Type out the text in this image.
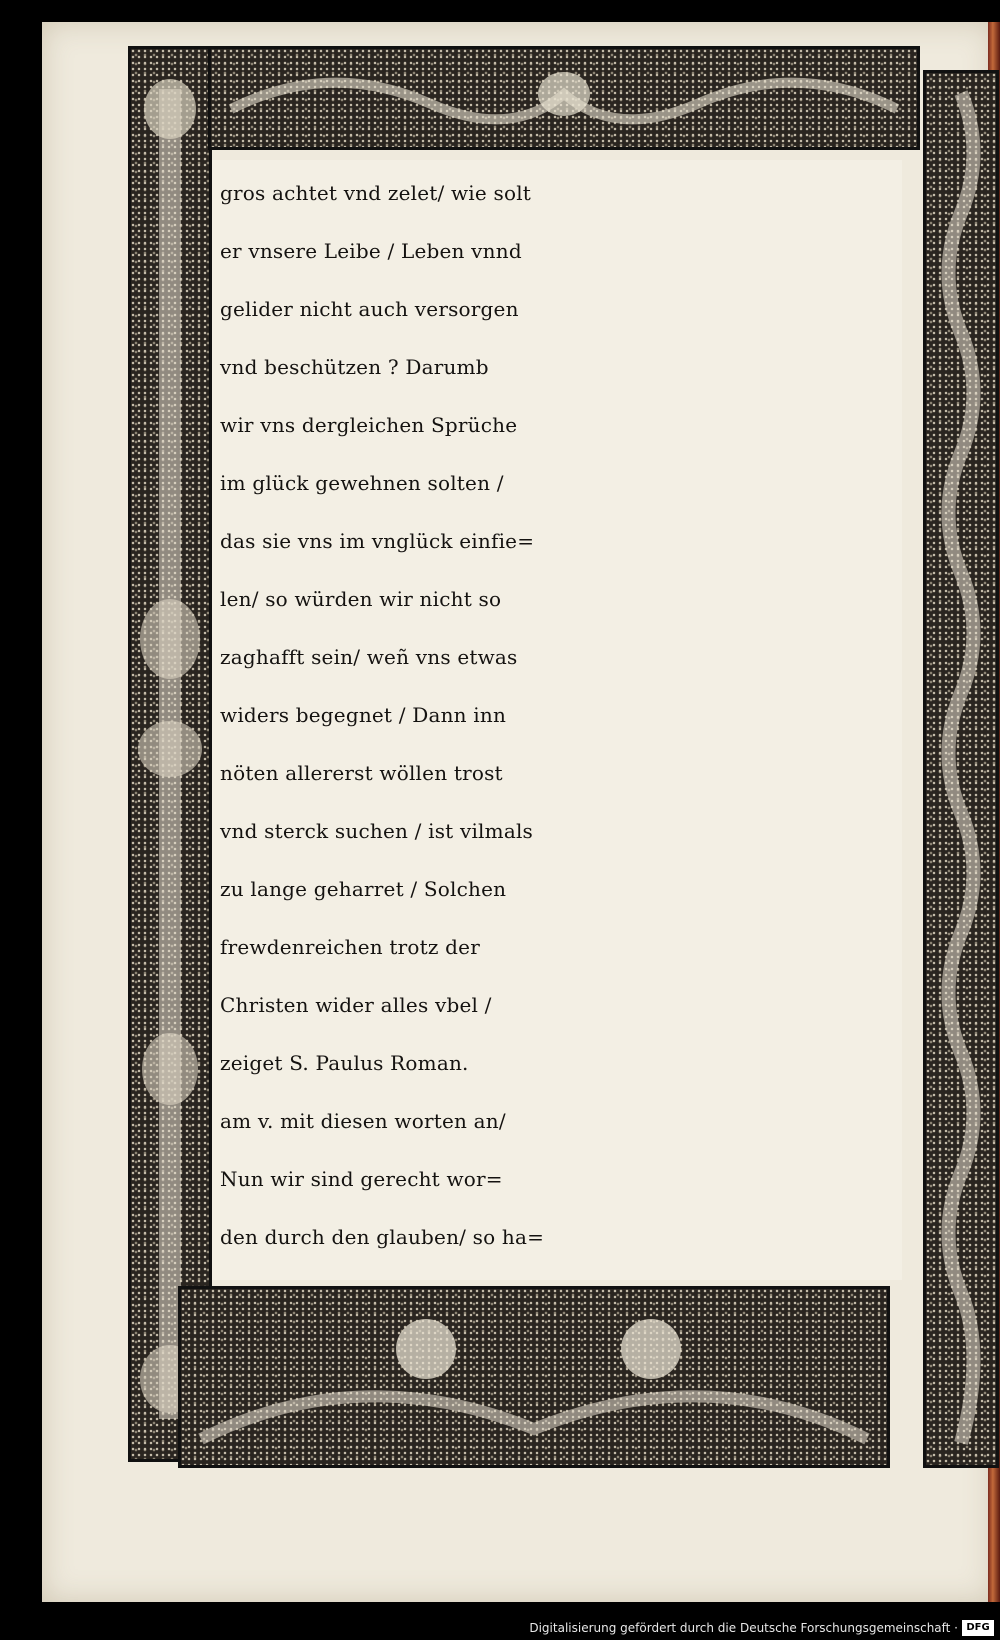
gros achtet vnd zelet/ wie solt
er vnsere Leibe / Leben vnnd
gelider nicht auch versorgen
vnd beschützen ? Darumb
wir vns dergleichen Sprüche
im glück gewehnen solten /
das sie vns im vnglück einfie=
len/ so würden wir nicht so
zaghafft sein/ weñ vns etwas
widers begegnet / Dann inn
nöten allererst wöllen trost
vnd sterck suchen / ist vilmals
zu lange geharret / Solchen
frewdenreichen trotz der
Christen wider alles vbel /
zeiget S. Paulus Roman.
am v. mit diesen worten an/
Nun wir sind gerecht wor=
den durch den glauben/ so ha=
Digitalisierung gefördert durch die Deutsche Forschungsgemeinschaft · DFG
